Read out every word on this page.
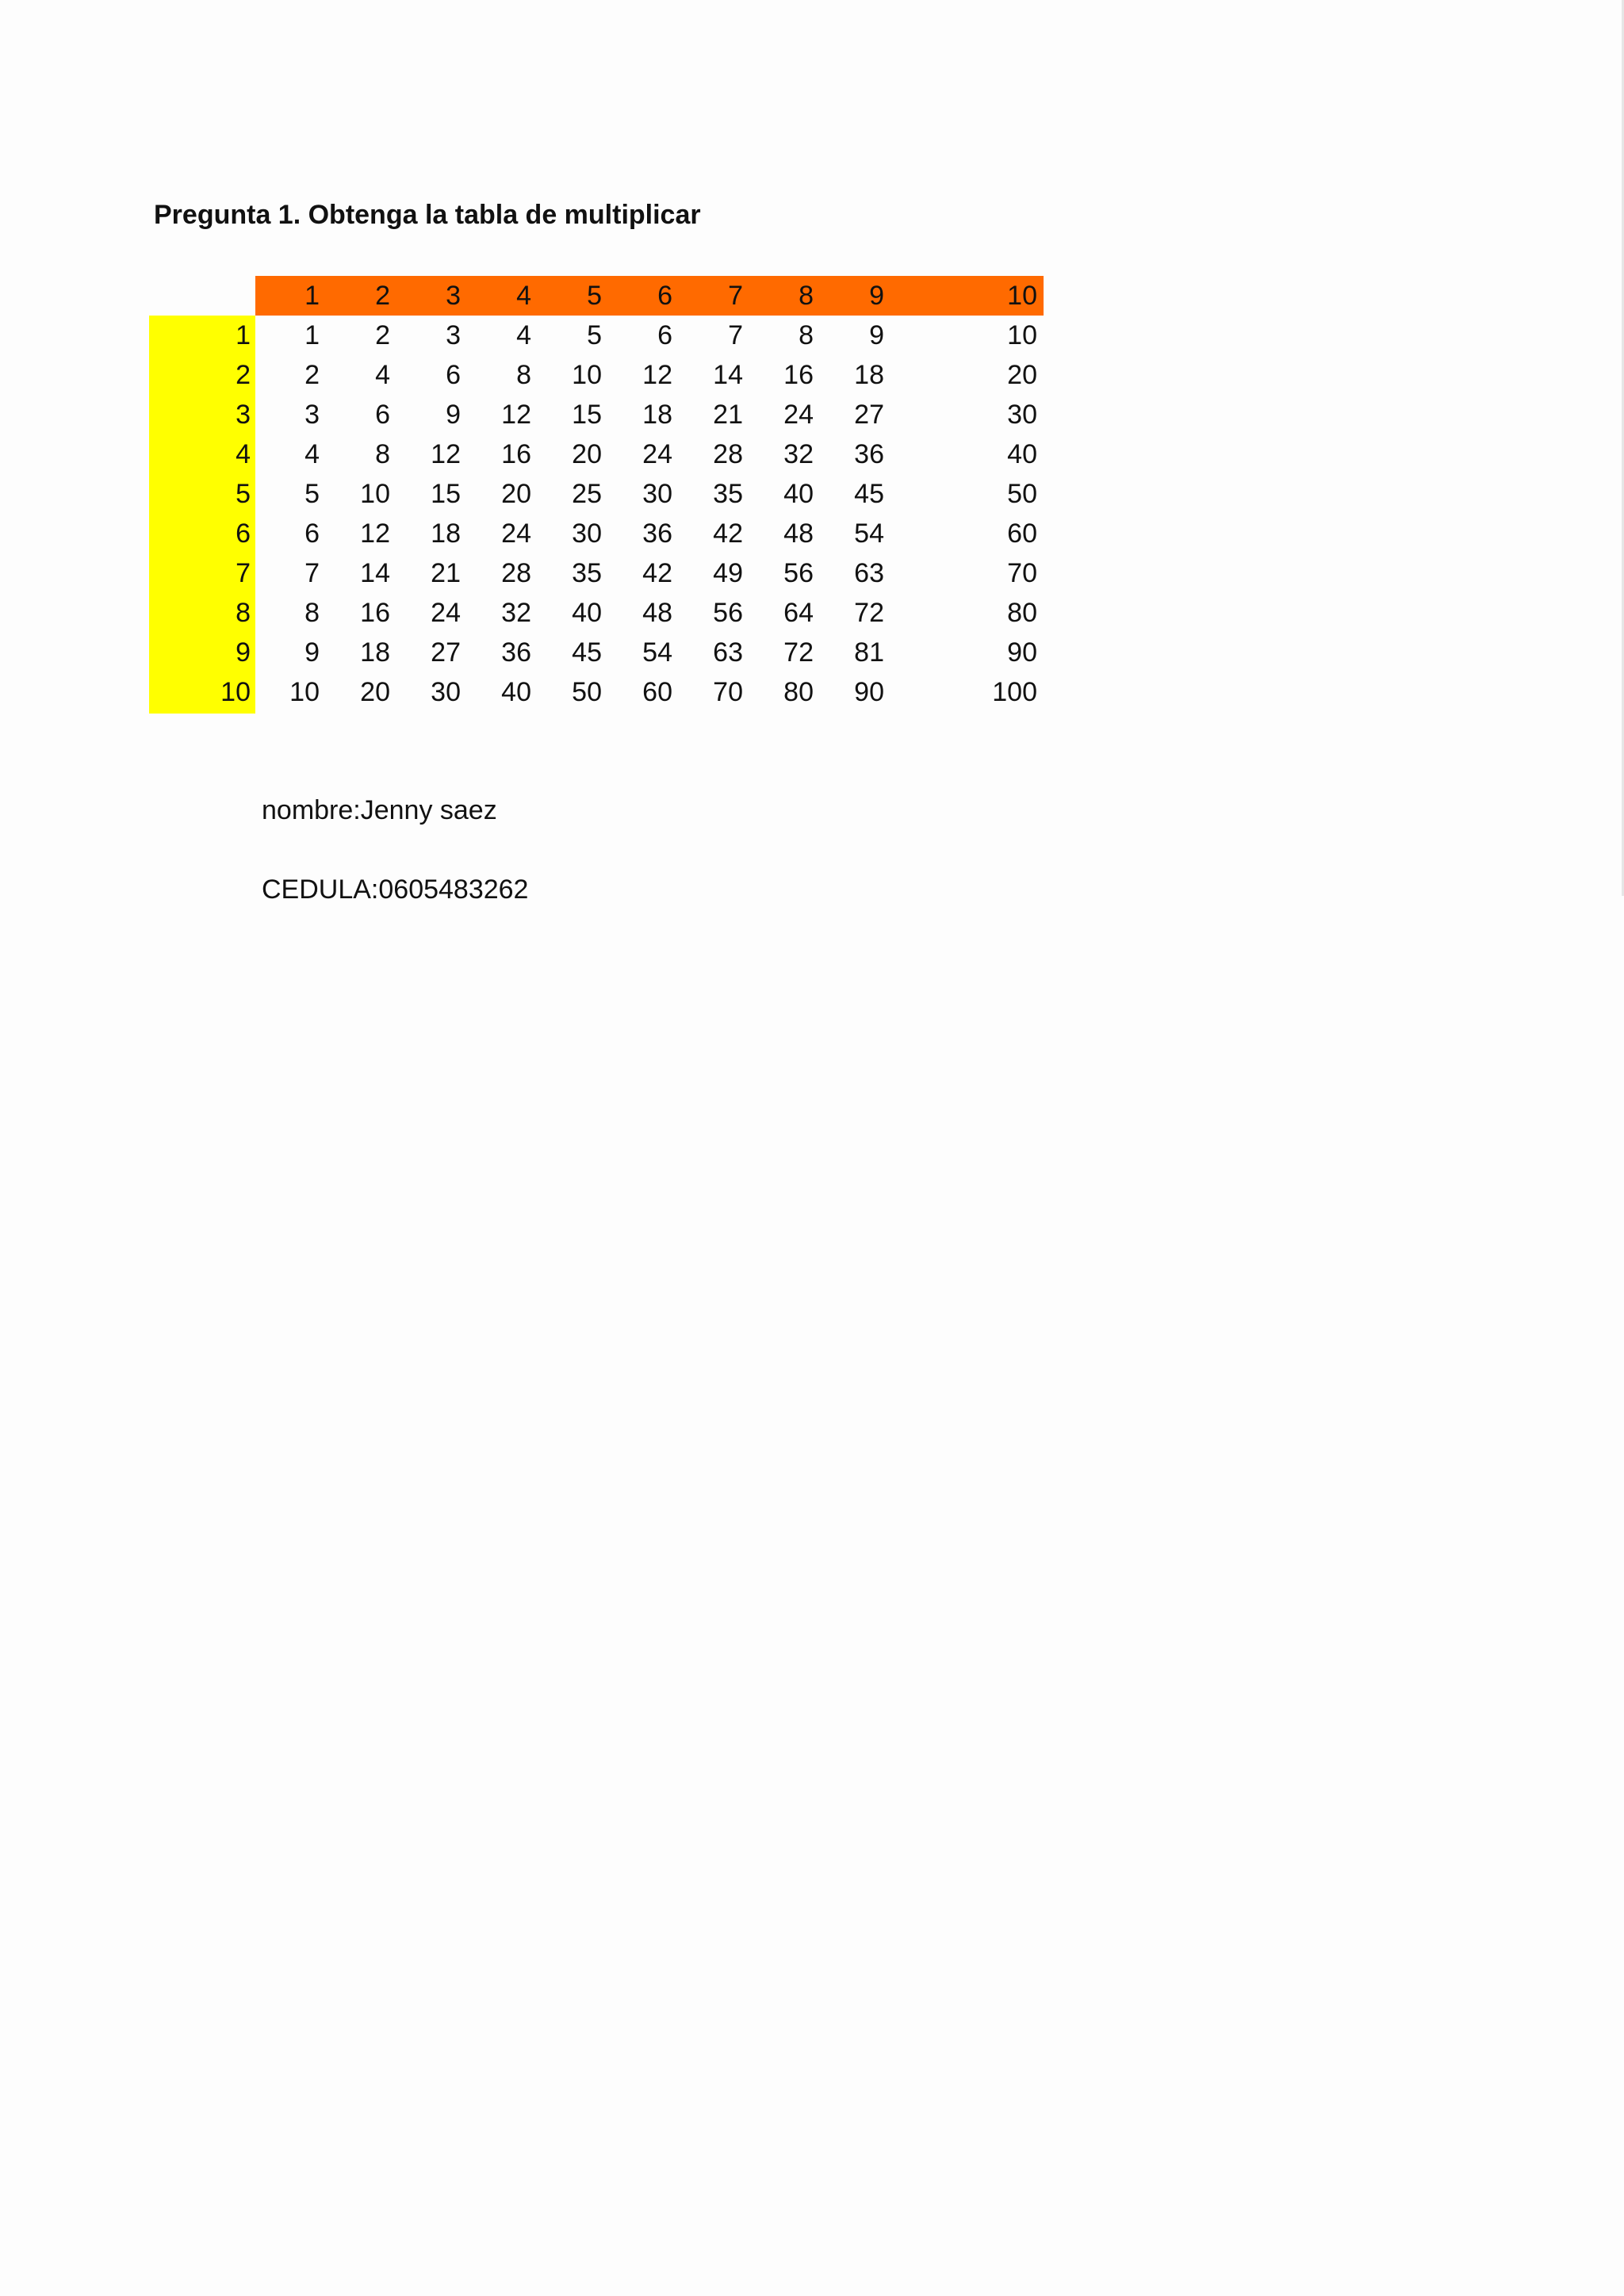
Pregunta 1. Obtenga la tabla de multiplicar
	1	2	3	4	5	6	7	8	9	10
1	1	2	3	4	5	6	7	8	9	10
2	2	4	6	8	10	12	14	16	18	20
3	3	6	9	12	15	18	21	24	27	30
4	4	8	12	16	20	24	28	32	36	40
5	5	10	15	20	25	30	35	40	45	50
6	6	12	18	24	30	36	42	48	54	60
7	7	14	21	28	35	42	49	56	63	70
8	8	16	24	32	40	48	56	64	72	80
9	9	18	27	36	45	54	63	72	81	90
10	10	20	30	40	50	60	70	80	90	100
nombre:Jenny saez
CEDULA:0605483262
